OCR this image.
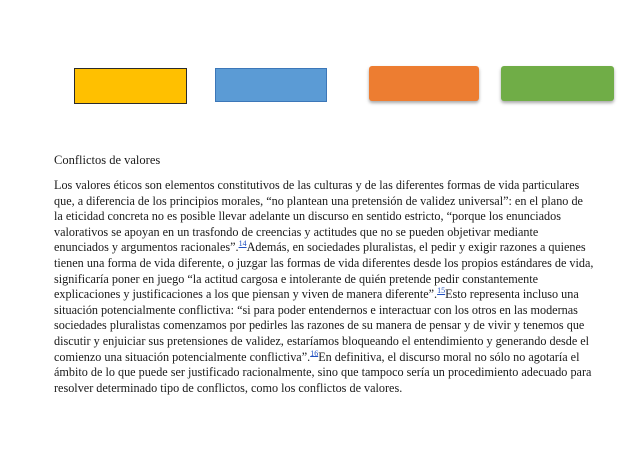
Conflictos de valores

Los valores éticos son elementos constitutivos de las culturas y de las diferentes formas de vida particulares que, a diferencia de los principios morales, “no plantean una pretensión de validez universal”: en el plano de la eticidad concreta no es posible llevar adelante un discurso en sentido estricto, “porque los enunciados valorativos se apoyan en un trasfondo de creencias y actitudes que no se pueden objetivar mediante enunciados y argumentos racionales”.$^{14}$Además, en sociedades pluralistas, el pedir y exigir razones a quienes tienen una forma de vida diferente, o juzgar las formas de vida diferentes desde los propios estándares de vida, significaría poner en juego “la actitud cargosa e intolerante de quién pretende pedir constantemente explicaciones y justificaciones a los que piensan y viven de manera diferente”.$^{15}$Esto representa incluso una situación potencialmente conflictiva: “si para poder entendernos e interactuar con los otros en las modernas sociedades pluralistas comenzamos por pedirles las razones de su manera de pensar y de vivir y tenemos que discutir y enjuiciar sus pretensiones de validez, estaríamos bloqueando el entendimiento y generando desde el comienzo una situación potencialmente conflictiva”.$^{16}$En definitiva, el discurso moral no sólo no agotaría el ámbito de lo que puede ser justificado racionalmente, sino que tampoco sería un procedimiento adecuado para resolver determinado tipo de conflictos, como los conflictos de valores.
